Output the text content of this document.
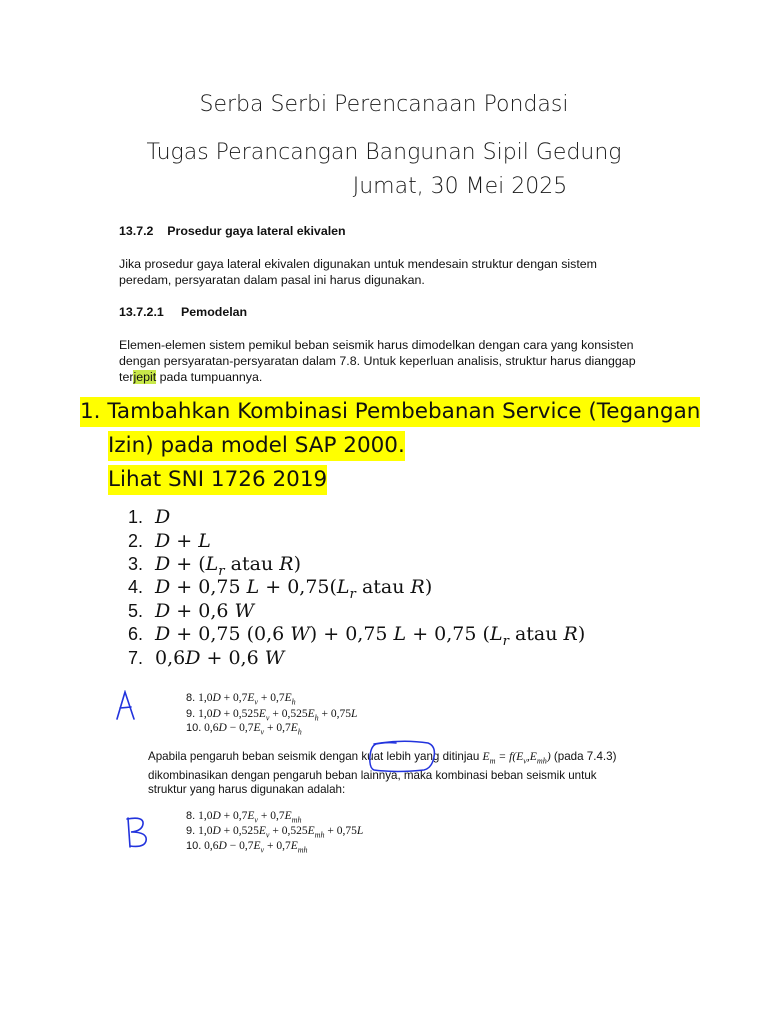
Serba Serbi Perencanaan Pondasi
Tugas Perancangan Bangunan Sipil Gedung
Jumat, 30 Mei 2025

13.7.2 Prosedur gaya lateral ekivalen

Jika prosedur gaya lateral ekivalen digunakan untuk mendesain struktur dengan sistem

peredam, persyaratan dalam pasal ini harus digunakan.

13.7.2.1 Pemodelan

Elemen-elemen sistem pemikul beban seismik harus dimodelkan dengan cara yang konsisten

dengan persyaratan-persyaratan dalam 7.8. Untuk keperluan analisis, struktur harus dianggap

terjepit pada tumpuannya.

1. Tambahkan Kombinasi Pembebanan Service (Tegangan
Izin) pada model SAP 2000.
Lihat SNI 1726 2019
1. D
2. D + L
3. $D + (L_r$ atau R)
4. D + 0,75 $L + 0,75(L_r$ atau R)
5. D + 0,6 W
6. D + 0,75 (0,6 W) + 0,75 L + 0,75 ($L_r$ atau R)
7. 0,6D + 0,6 W
8. $1,0D + 0,7E_v + 0,7E_h$
9. $1,0D + 0,525E_v + 0,525E_h + 0,75L$
10. $0,6D - 0,7E_v + 0,7E_h$
Apabila pengaruh beban seismik dengan kuat lebih yang ditinjau $E_m = f(E_v,E_{mh})$ (pada 7.4.3)
dikombinasikan dengan pengaruh beban lainnya, maka kombinasi beban seismik untuk
struktur yang harus digunakan adalah:
8. $1,0D + 0,7E_v + 0,7E_{mh}$
9. $1,0D + 0,525E_v + 0,525E_{mh} + 0,75L$
10. $0,6D - 0,7E_v + 0,7E_{mh}$
